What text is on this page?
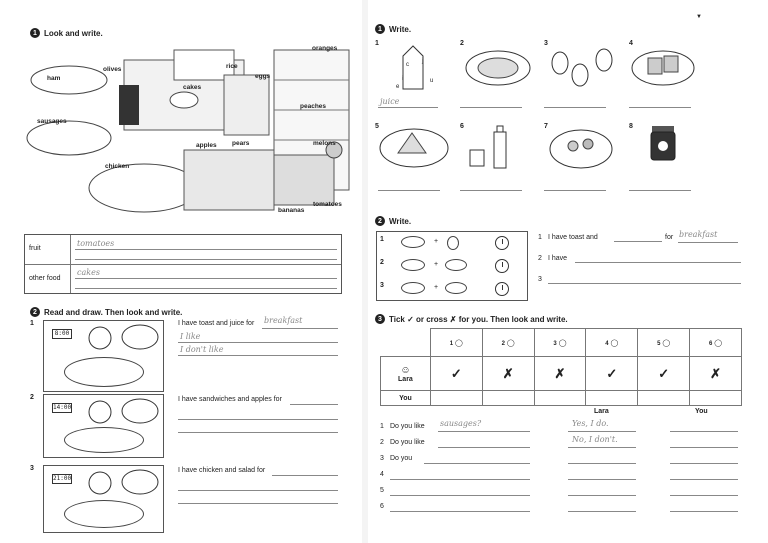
1 Look and write.
ham
olives	rice
oranges
cakes
eggs
peaches
sausages
chicken
apples pears	melons
bananas
tomatoes
fruit
tomatoes
other food
cakes
2 Read and draw. Then look and write.
1
8:00
I have toast and juice for breakfast
I like
I don't like
2
14:00
I have sandwiches and apples for
3
21:00
I have chicken and salad for
1 Write.
▼
1
c
j
i
e
u
juice
2	3	4
5	6	7	8
2 Write.
1
2
3
+
+
+
1 I have toast and	for breakfast
2 I have
3
3 Tick ✓ or cross ✗ for you. Then look and write.
	1 ◯	2 ◯	3 ◯	4 ◯	5 ◯	6 ◯

☺
Lara	✓	✗	✗	✓	✓	✗
You						
Lara	You
1 Do you like sausages?	Yes, I do.
2 Do you like	No, I don't.
3 Do you
4
5
6
